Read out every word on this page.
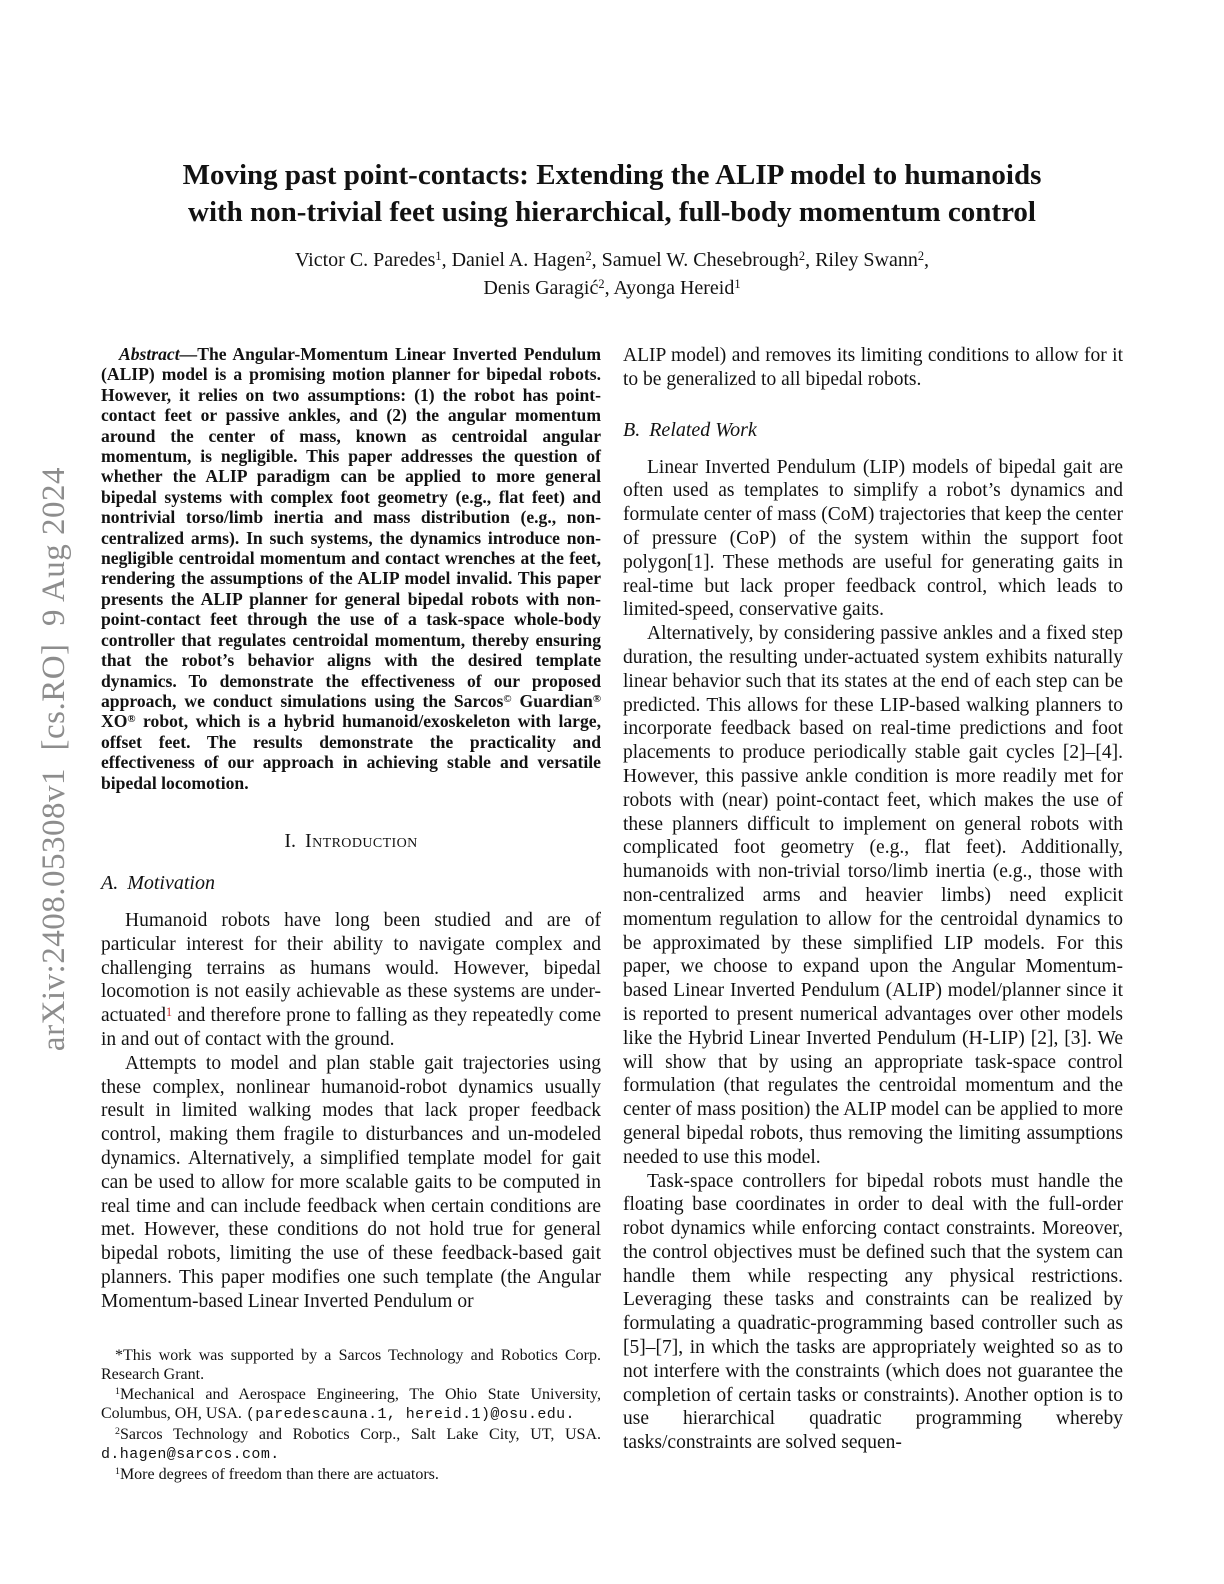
arXiv:2408.05308v1  [cs.RO]  9 Aug 2024
Moving past point-contacts: Extending the ALIP model to humanoids
with non-trivial feet using hierarchical, full-body momentum control
Victor C. Paredes$^1$, Daniel A. Hagen$^2$, Samuel W. Chesebrough$^2$, Riley Swann$^2$,
Denis Garagić$^2$, Ayonga Hereid$^1$

Abstract—The Angular-Momentum Linear Inverted Pendulum (ALIP) model is a promising motion planner for bipedal robots. However, it relies on two assumptions: (1) the robot has point-contact feet or passive ankles, and (2) the angular momentum around the center of mass, known as centroidal angular momentum, is negligible. This paper addresses the question of whether the ALIP paradigm can be applied to more general bipedal systems with complex foot geometry (e.g., flat feet) and nontrivial torso/limb inertia and mass distribution (e.g., non-centralized arms). In such systems, the dynamics introduce non-negligible centroidal momentum and contact wrenches at the feet, rendering the assumptions of the ALIP model invalid. This paper presents the ALIP planner for general bipedal robots with non-point-contact feet through the use of a task-space whole-body controller that regulates centroidal momentum, thereby ensuring that the robot’s behavior aligns with the desired template dynamics. To demonstrate the effectiveness of our proposed approach, we conduct simulations using the Sarcos© Guardian® XO® robot, which is a hybrid humanoid/exoskeleton with large, offset feet. The results demonstrate the practicality and effectiveness of our approach in achieving stable and versatile bipedal locomotion.

I. Introduction
A. Motivation

Humanoid robots have long been studied and are of particular interest for their ability to navigate complex and challenging terrains as humans would. However, bipedal locomotion is not easily achievable as these systems are under-actuated$^1$ and therefore prone to falling as they repeatedly come in and out of contact with the ground.

Attempts to model and plan stable gait trajectories using these complex, nonlinear humanoid-robot dynamics usually result in limited walking modes that lack proper feedback control, making them fragile to disturbances and un-modeled dynamics. Alternatively, a simplified template model for gait can be used to allow for more scalable gaits to be computed in real time and can include feedback when certain conditions are met. However, these conditions do not hold true for general bipedal robots, limiting the use of these feedback-based gait planners. This paper modifies one such template (the Angular Momentum-based Linear Inverted Pendulum or

*This work was supported by a Sarcos Technology and Robotics Corp. Research Grant.

$^1$Mechanical and Aerospace Engineering, The Ohio State University, Columbus, OH, USA. (paredescauna.1, hereid.1)@osu.edu.

$^2$Sarcos Technology and Robotics Corp., Salt Lake City, UT, USA. d.hagen@sarcos.com.

$^1$More degrees of freedom than there are actuators.

ALIP model) and removes its limiting conditions to allow for it to be generalized to all bipedal robots.

B. Related Work

Linear Inverted Pendulum (LIP) models of bipedal gait are often used as templates to simplify a robot’s dynamics and formulate center of mass (CoM) trajectories that keep the center of pressure (CoP) of the system within the support foot polygon[1]. These methods are useful for generating gaits in real-time but lack proper feedback control, which leads to limited-speed, conservative gaits.

Alternatively, by considering passive ankles and a fixed step duration, the resulting under-actuated system exhibits naturally linear behavior such that its states at the end of each step can be predicted. This allows for these LIP-based walking planners to incorporate feedback based on real-time predictions and foot placements to produce periodically stable gait cycles [2]–[4]. However, this passive ankle condition is more readily met for robots with (near) point-contact feet, which makes the use of these planners difficult to implement on general robots with complicated foot geometry (e.g., flat feet). Additionally, humanoids with non-trivial torso/limb inertia (e.g., those with non-centralized arms and heavier limbs) need explicit momentum regulation to allow for the centroidal dynamics to be approximated by these simplified LIP models. For this paper, we choose to expand upon the Angular Momentum-based Linear Inverted Pendulum (ALIP) model/planner since it is reported to present numerical advantages over other models like the Hybrid Linear Inverted Pendulum (H-LIP) [2], [3]. We will show that by using an appropriate task-space control formulation (that regulates the centroidal momentum and the center of mass position) the ALIP model can be applied to more general bipedal robots, thus removing the limiting assumptions needed to use this model.

Task-space controllers for bipedal robots must handle the floating base coordinates in order to deal with the full-order robot dynamics while enforcing contact constraints. Moreover, the control objectives must be defined such that the system can handle them while respecting any physical restrictions. Leveraging these tasks and constraints can be realized by formulating a quadratic-programming based controller such as [5]–[7], in which the tasks are appropriately weighted so as to not interfere with the constraints (which does not guarantee the completion of certain tasks or constraints). Another option is to use hierarchical quadratic programming whereby tasks/constraints are solved sequen-
